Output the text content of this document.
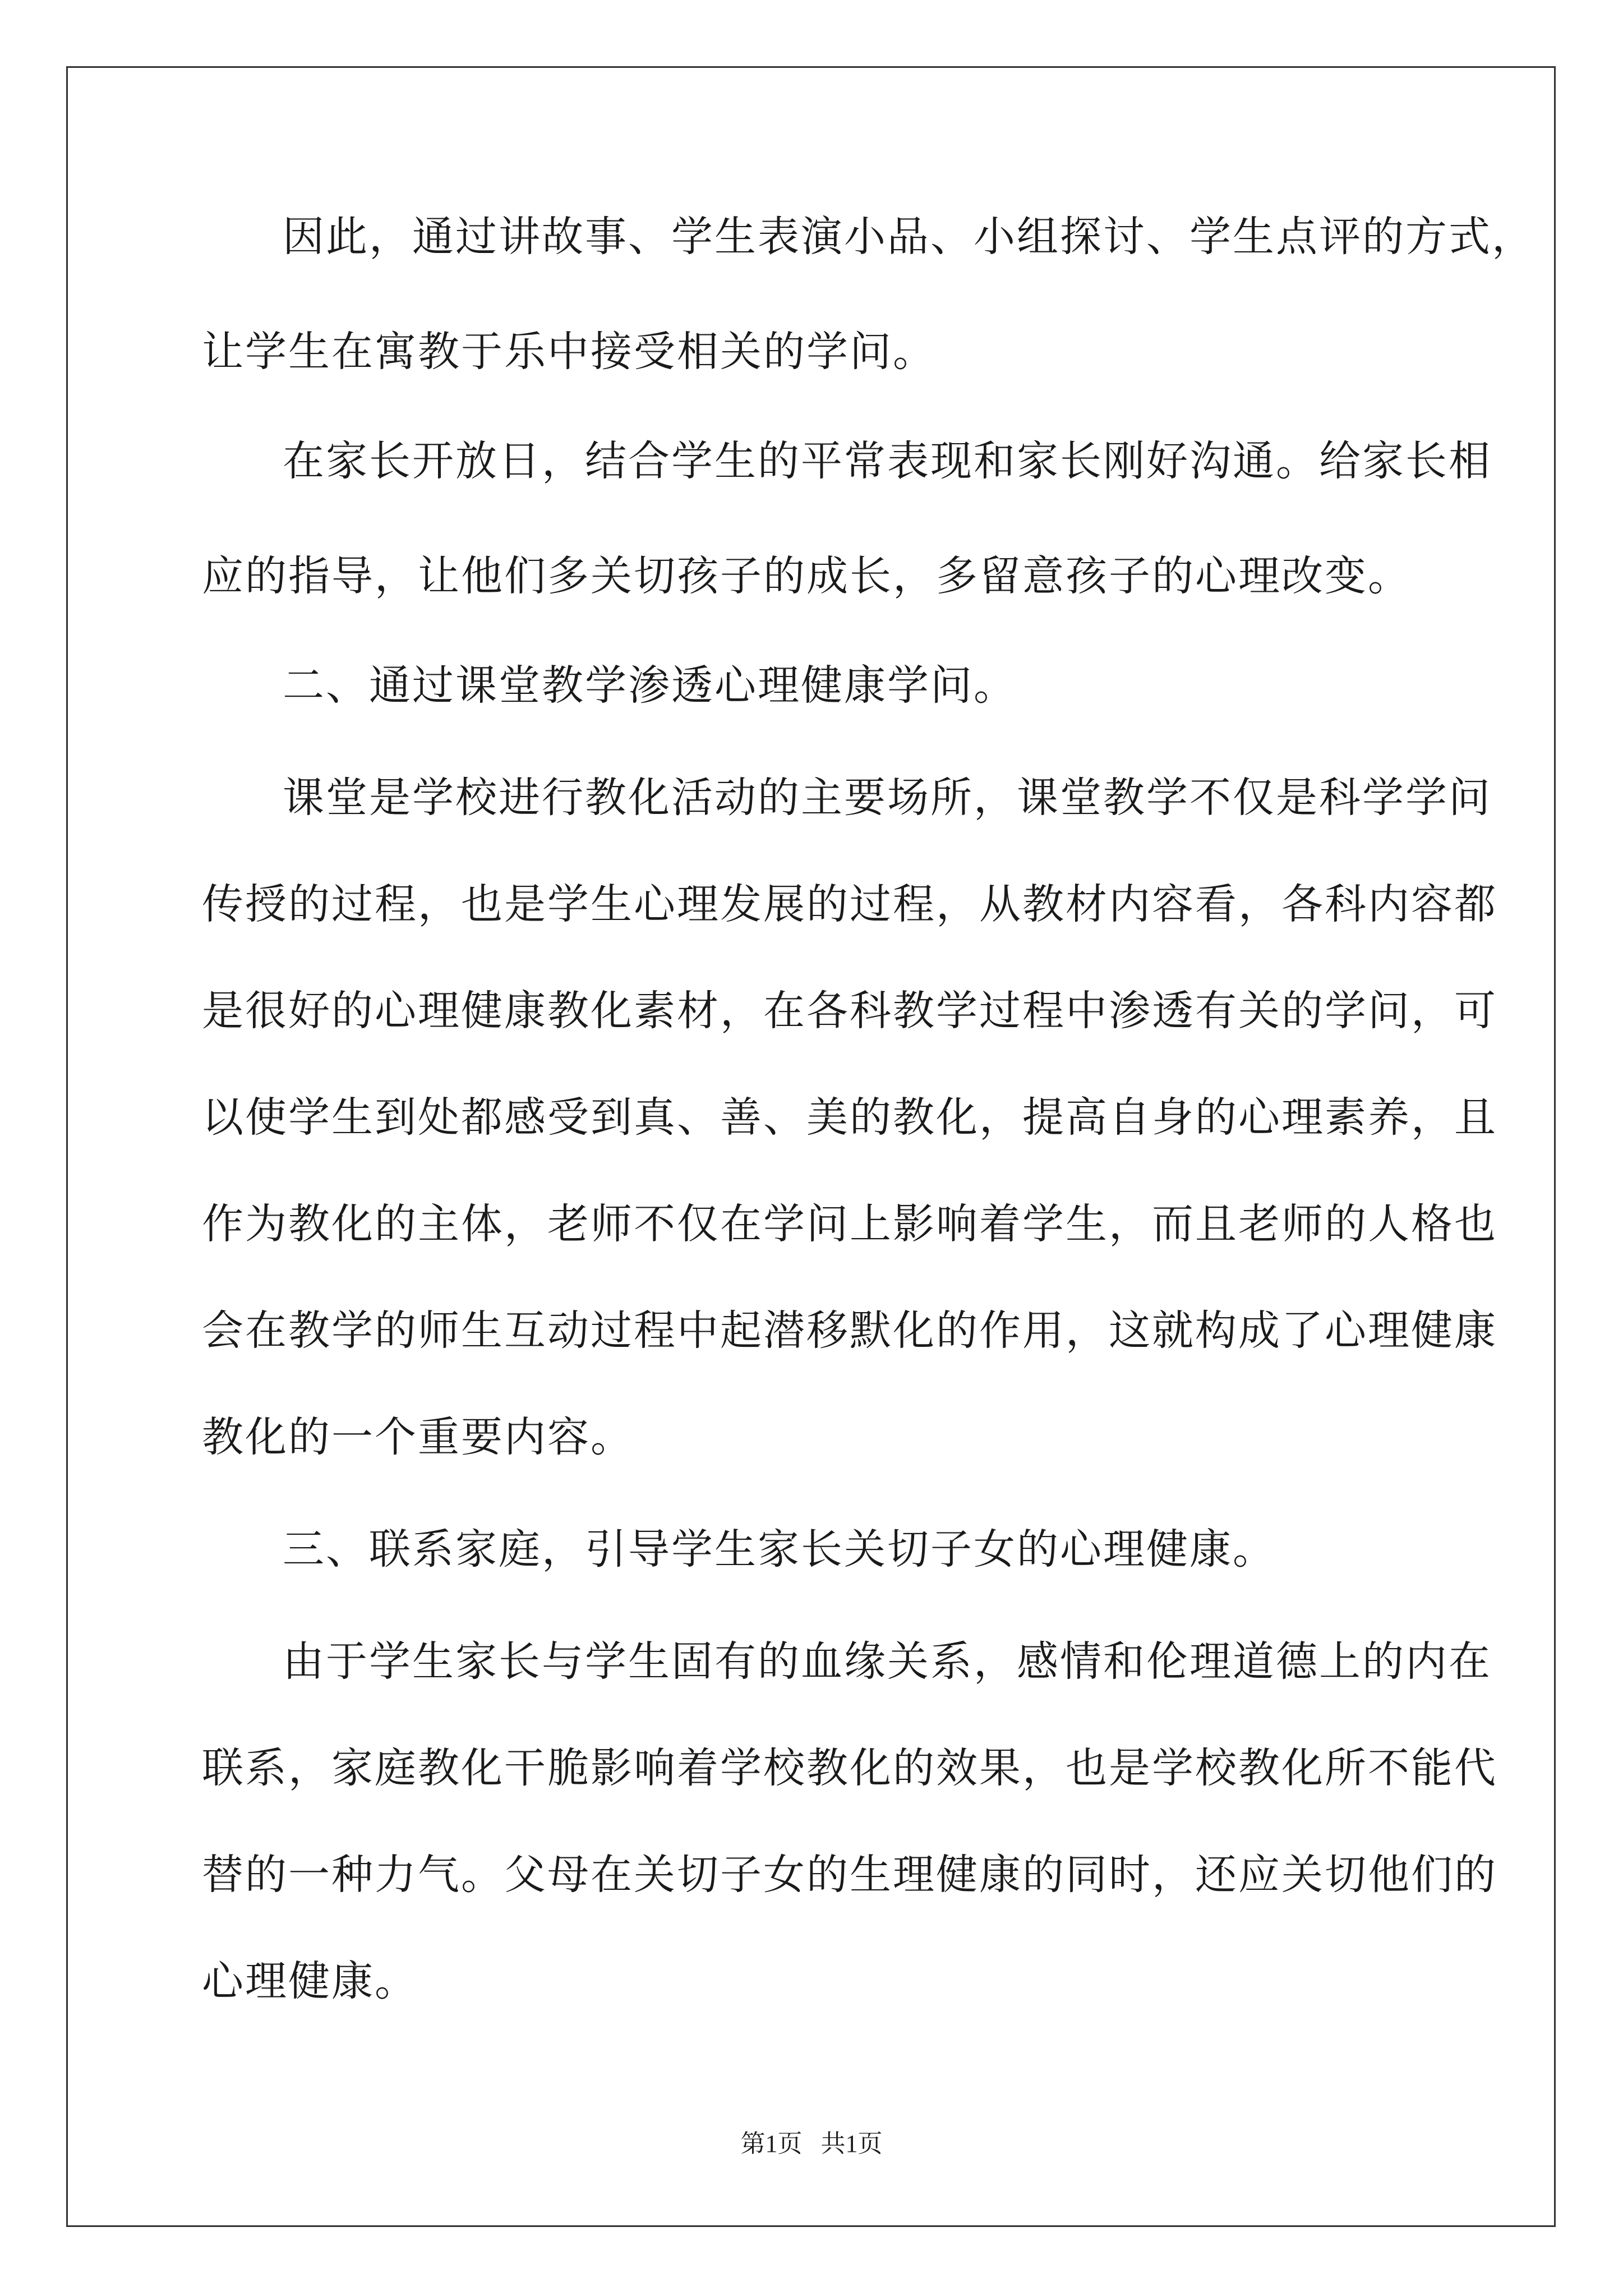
因此，通过讲故事、学生表演小品、小组探讨、学生点评的方式，
让学生在寓教于乐中接受相关的学问。
在家长开放日，结合学生的平常表现和家长刚好沟通。给家长相
应的指导，让他们多关切孩子的成长，多留意孩子的心理改变。
二、通过课堂教学渗透心理健康学问。
课堂是学校进行教化活动的主要场所，课堂教学不仅是科学学问
传授的过程，也是学生心理发展的过程，从教材内容看，各科内容都
是很好的心理健康教化素材，在各科教学过程中渗透有关的学问，可
以使学生到处都感受到真、善、美的教化，提高自身的心理素养，且
作为教化的主体，老师不仅在学问上影响着学生，而且老师的人格也
会在教学的师生互动过程中起潜移默化的作用，这就构成了心理健康
教化的一个重要内容。
三、联系家庭，引导学生家长关切子女的心理健康。
由于学生家长与学生固有的血缘关系，感情和伦理道德上的内在
联系，家庭教化干脆影响着学校教化的效果，也是学校教化所不能代
替的一种力气。父母在关切子女的生理健康的同时，还应关切他们的
心理健康。
第1页   共1页
